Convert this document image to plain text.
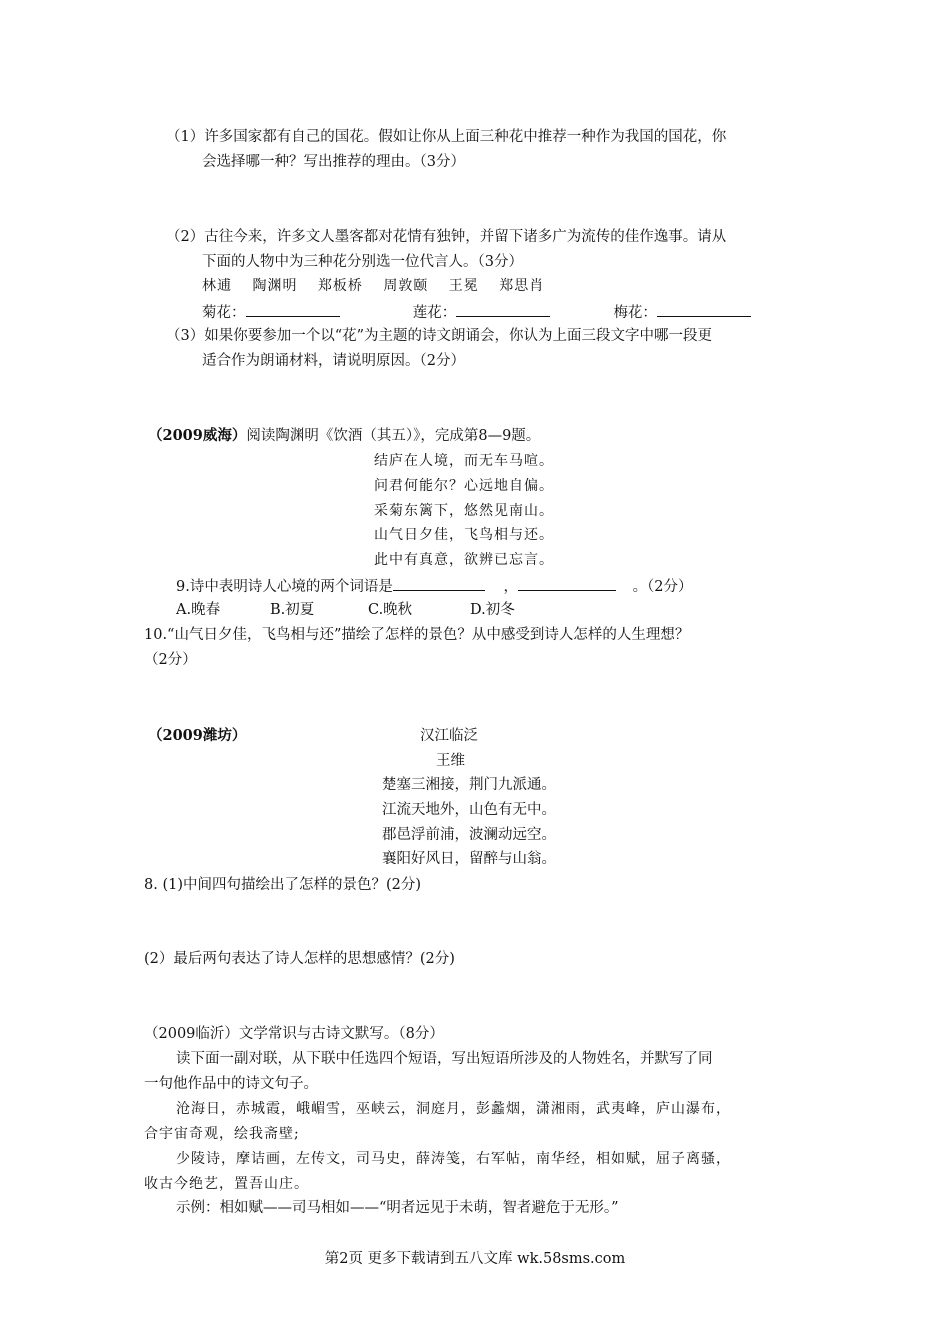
（1）许多国家都有自己的国花。假如让你从上面三种花中推荐一种作为我国的国花，你
会选择哪一种？写出推荐的理由。（3分）
（2）古往今来，许多文人墨客都对花情有独钟，并留下诸多广为流传的佳作逸事。请从
下面的人物中为三种花分别选一位代言人。（3分）
林逋　 陶渊明　 郑板桥　 周敦颐　 王冕　 郑思肖
菊花：	莲花：	梅花：
（3）如果你要参加一个以“花”为主题的诗文朗诵会，你认为上面三段文字中哪一段更
适合作为朗诵材料，请说明原因。（2分）
（2009威海）阅读陶渊明《饮酒（其五）》，完成第8—9题。
结庐在人境，而无车马喧。
问君何能尔？心远地自偏。
采菊东篱下，悠然见南山。
山气日夕佳，飞鸟相与还。
此中有真意，欲辨已忘言。
9.诗中表明诗人心境的两个词语是	，	。（2分）
A.晚春	B.初夏	C.晚秋	D.初冬
10.“山气日夕佳，飞鸟相与还”描绘了怎样的景色？从中感受到诗人怎样的人生理想？
（2分）
（2009潍坊）	汉江临泛
王维
楚塞三湘接，荆门九派通。
江流天地外，山色有无中。
郡邑浮前浦，波澜动远空。
襄阳好风日，留醉与山翁。
8. (1)中间四句描绘出了怎样的景色？(2分)
(2）最后两句表达了诗人怎样的思想感情？(2分)
（2009临沂）文学常识与古诗文默写。（8分）
读下面一副对联，从下联中任选四个短语，写出短语所涉及的人物姓名，并默写了同
一句他作品中的诗文句子。
沧海日，赤城霞，峨嵋雪，巫峡云，洞庭月，彭蠡烟，潇湘雨，武夷峰，庐山瀑布，
合宇宙奇观，绘我斋壁;
少陵诗，摩诘画，左传文，司马史，薛涛笺，右军帖，南华经，相如赋，屈子离骚，
收古今绝艺，置吾山庄。
示例：相如赋——司马相如——“明者远见于未萌，智者避危于无形。”
第2页 更多下载请到五八文库 wk.58sms.com
